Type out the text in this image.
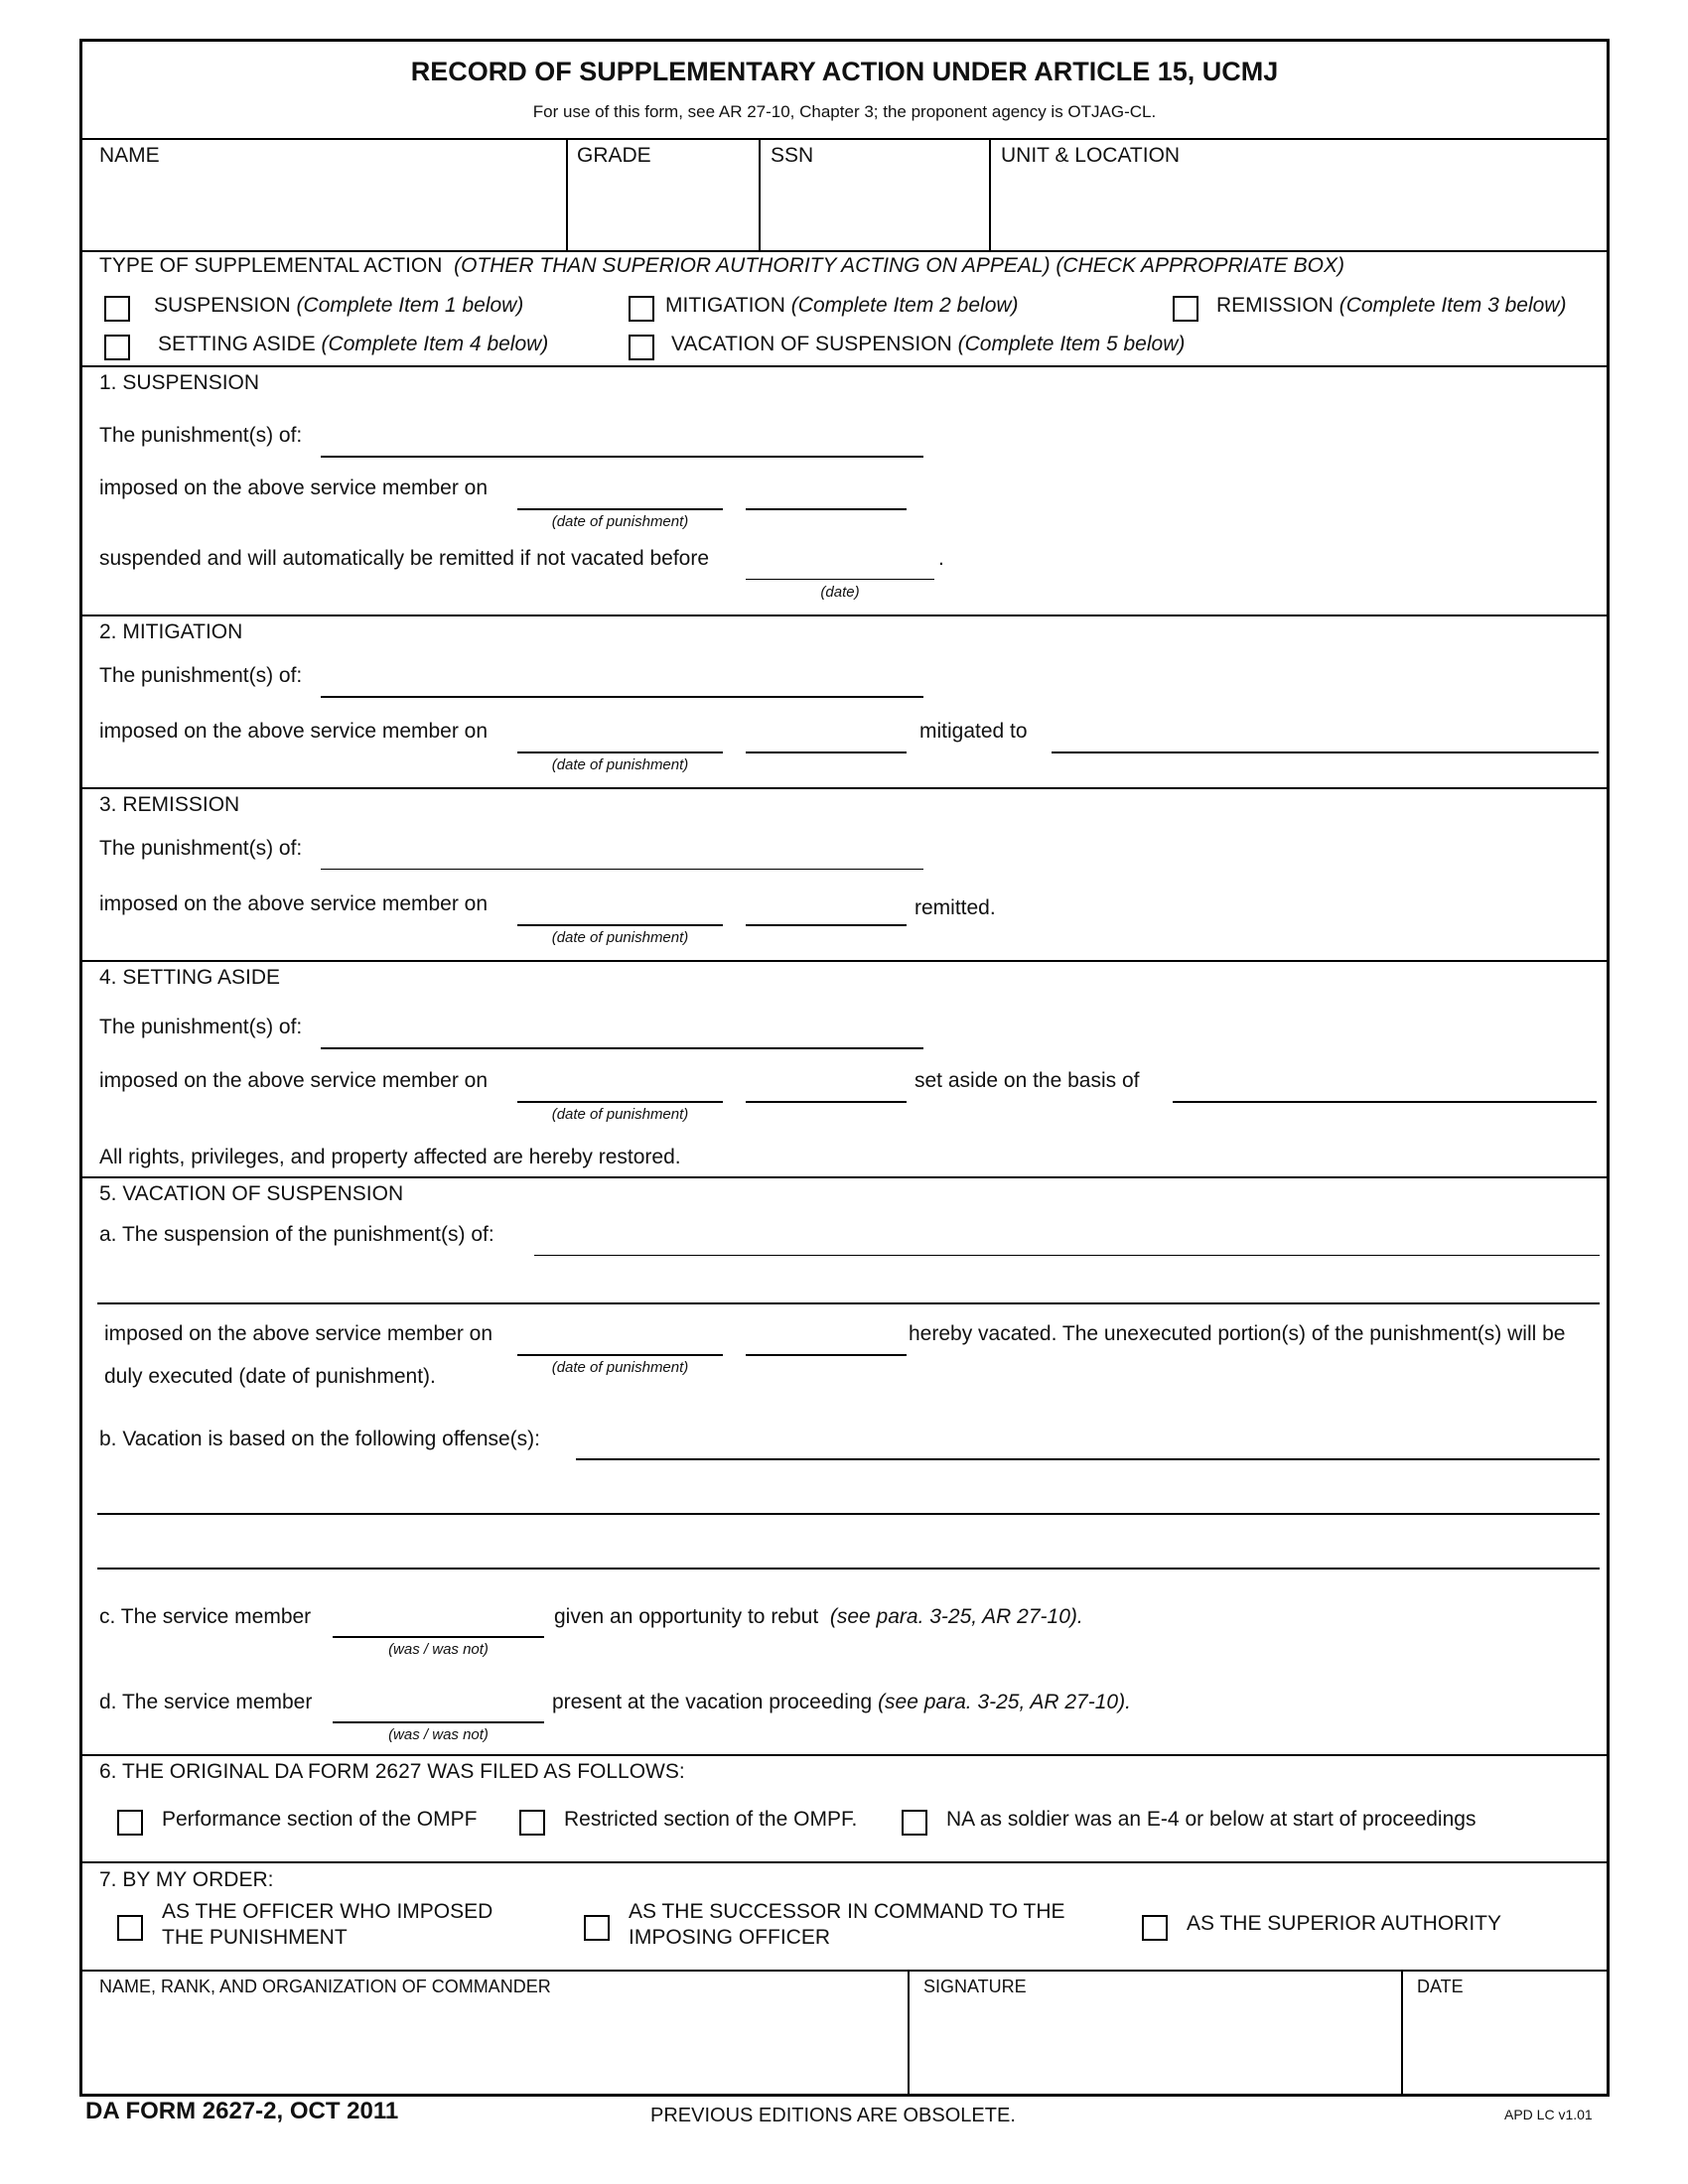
RECORD OF SUPPLEMENTARY ACTION UNDER ARTICLE 15, UCMJ
For use of this form, see AR 27-10, Chapter 3; the proponent agency is OTJAG-CL.
NAME	GRADE	SSN	UNIT & LOCATION
TYPE OF SUPPLEMENTAL ACTION (OTHER THAN SUPERIOR AUTHORITY ACTING ON APPEAL) (CHECK APPROPRIATE BOX)
SUSPENSION (Complete Item 1 below)	MITIGATION (Complete Item 2 below)	REMISSION (Complete Item 3 below)
SETTING ASIDE (Complete Item 4 below)	VACATION OF SUSPENSION (Complete Item 5 below)
1. SUSPENSION
The punishment(s) of:
imposed on the above service member on
(date of punishment)
suspended and will automatically be remitted if not vacated before	.
(date)
2. MITIGATION
The punishment(s) of:
imposed on the above service member on	mitigated to
(date of punishment)
3. REMISSION
The punishment(s) of:
imposed on the above service member on	remitted.
(date of punishment)
4. SETTING ASIDE
The punishment(s) of:
imposed on the above service member on	set aside on the basis of
(date of punishment)
All rights, privileges, and property affected are hereby restored.
5. VACATION OF SUSPENSION
a. The suspension of the punishment(s) of:
imposed on the above service member on	hereby vacated. The unexecuted portion(s) of the punishment(s) will be
(date of punishment)
duly executed (date of punishment).
b. Vacation is based on the following offense(s):
c. The service member
(was / was not)
given an opportunity to rebut (see para. 3-25, AR 27-10).
d. The service member
(was / was not)
present at the vacation proceeding (see para. 3-25, AR 27-10).
6. THE ORIGINAL DA FORM 2627 WAS FILED AS FOLLOWS:
Performance section of the OMPF	Restricted section of the OMPF.	NA as soldier was an E-4 or below at start of proceedings
7. BY MY ORDER:
AS THE OFFICER WHO IMPOSED
THE PUNISHMENT
AS THE SUCCESSOR IN COMMAND TO THE
IMPOSING OFFICER
AS THE SUPERIOR AUTHORITY
NAME, RANK, AND ORGANIZATION OF COMMANDER	SIGNATURE	DATE
DA FORM 2627-2, OCT 2011	PREVIOUS EDITIONS ARE OBSOLETE.	APD LC v1.01
